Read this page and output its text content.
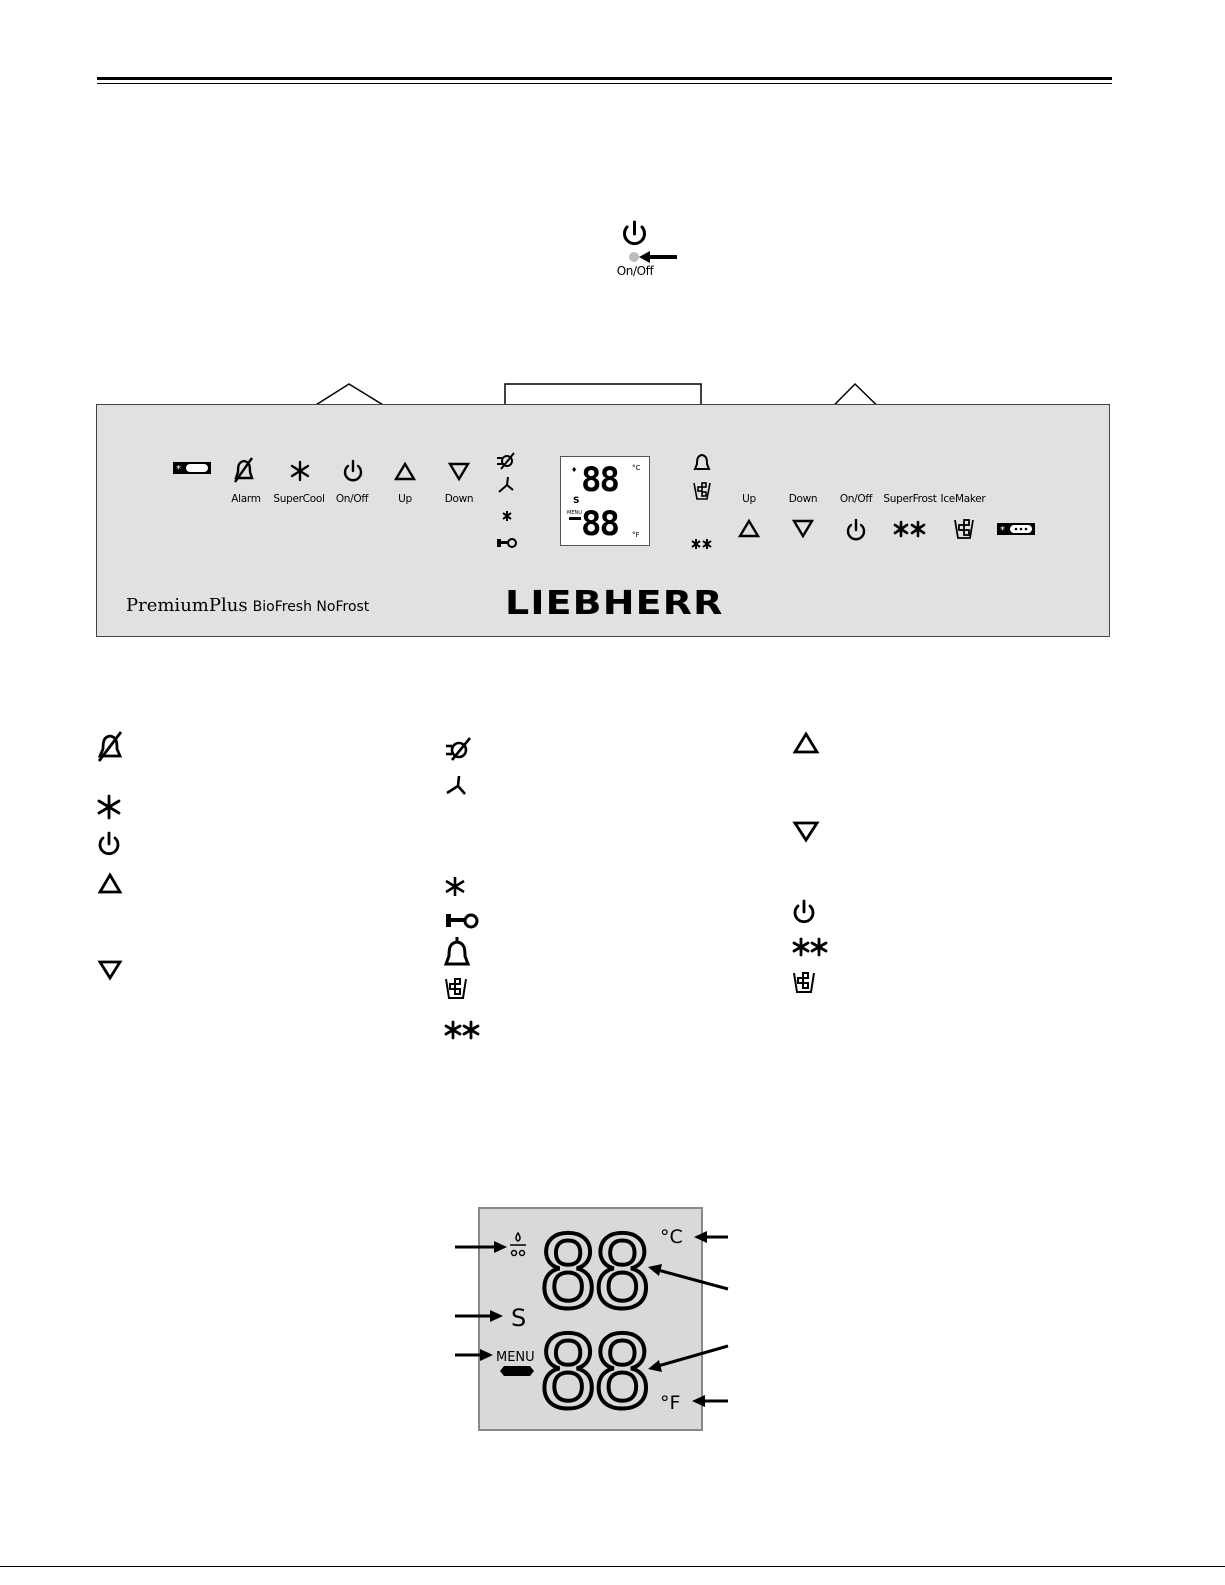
On/Off
*
Alarm	SuperCool	On/Off	Up	Down
♦
S
MENU
88
88
°C
°F
Up	Down	On/Off	SuperFrost IceMaker
*
PremiumPlus BioFresh NoFrost	LIEBHERR
S
MENU
88
88
°C
°F
